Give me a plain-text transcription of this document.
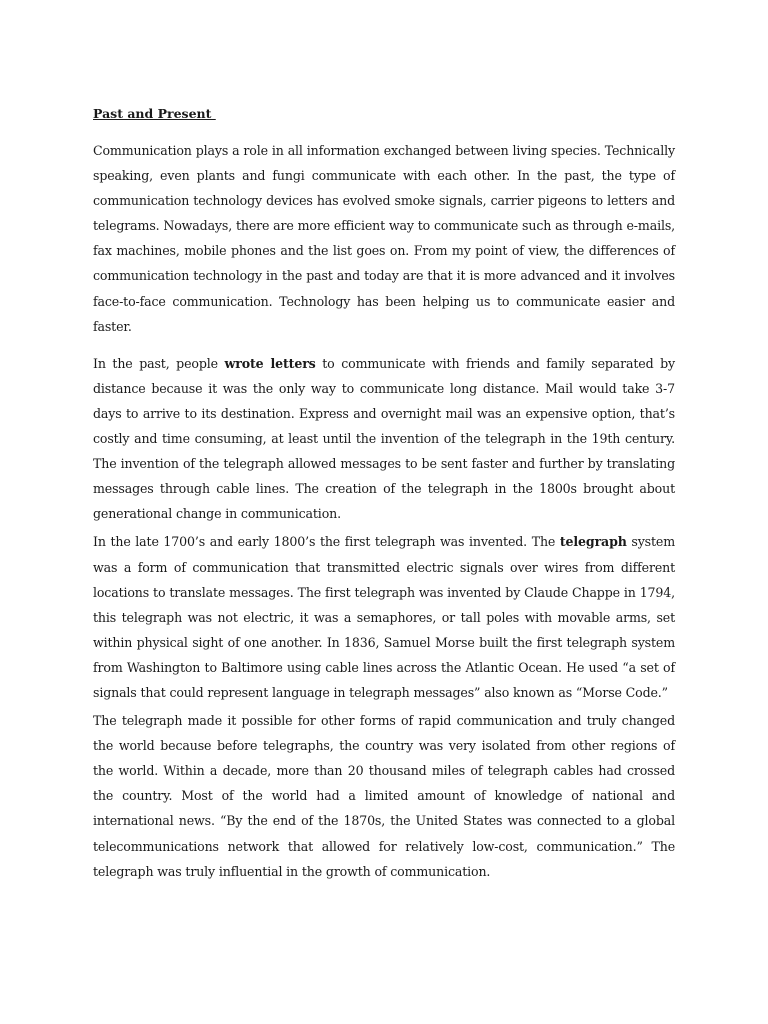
Past and Present

Communication plays a role in all information exchanged between living species. Technically speaking, even plants and fungi communicate with each other. In the past, the type of communication technology devices has evolved smoke signals, carrier pigeons to letters and telegrams. Nowadays, there are more efficient way to communicate such as through e-mails, fax machines, mobile phones and the list goes on. From my point of view, the differences of communication technology in the past and today are that it is more advanced and it involves face-to-face communication. Technology has been helping us to communicate easier and faster.

In the past, people wrote letters to communicate with friends and family separated by distance because it was the only way to communicate long distance. Mail would take 3-7 days to arrive to its destination. Express and overnight mail was an expensive option, that’s costly and time consuming, at least until the invention of the telegraph in the 19th century. The invention of the telegraph allowed messages to be sent faster and further by translating messages through cable lines. The creation of the telegraph in the 1800s brought about generational change in communication.

In the late 1700’s and early 1800’s the first telegraph was invented. The telegraph system was a form of communication that transmitted electric signals over wires from different locations to translate messages. The first telegraph was invented by Claude Chappe in 1794, this telegraph was not electric, it was a semaphores, or tall poles with movable arms, set within physical sight of one another. In 1836, Samuel Morse built the first telegraph system from Washington to Baltimore using cable lines across the Atlantic Ocean. He used “a set of signals that could represent language in telegraph messages” also known as “Morse Code.”

The telegraph made it possible for other forms of rapid communication and truly changed the world because before telegraphs, the country was very isolated from other regions of the world. Within a decade, more than 20 thousand miles of telegraph cables had crossed the country. Most of the world had a limited amount of knowledge of national and international news. “By the end of the 1870s, the United States was connected to a global telecommunications network that allowed for relatively low-cost, communication.” The telegraph was truly influential in the growth of communication.
